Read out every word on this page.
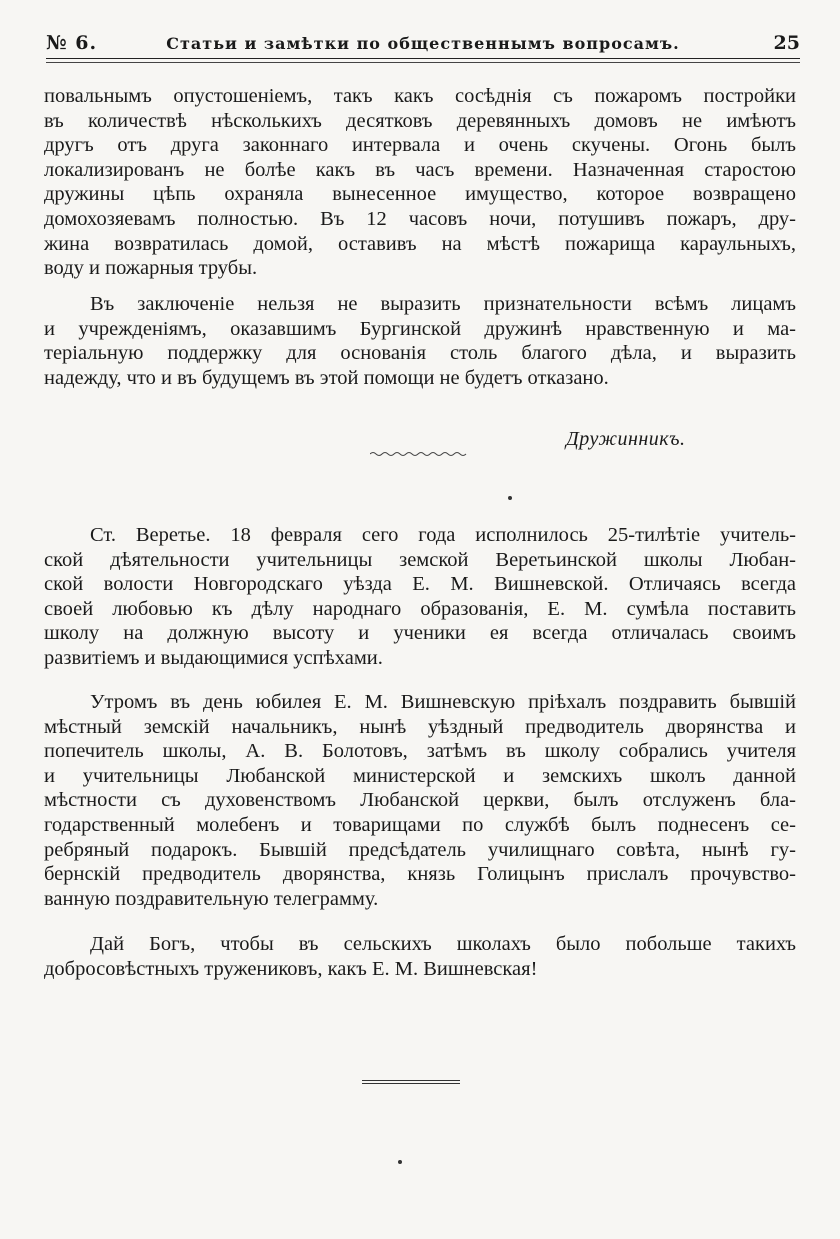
№ 6.	Статьи и замѣтки по общественнымъ вопросамъ.	25
повальнымъ опустошеніемъ, такъ какъ сосѣднія съ пожаромъ постройки
въ количествѣ нѣсколькихъ десятковъ деревянныхъ домовъ не имѣютъ
другъ отъ друга законнаго интервала и очень скучены. Огонь былъ
локализированъ не болѣе какъ въ часъ времени. Назначенная старостою
дружины цѣпь охраняла вынесенное имущество, которое возвращено
домохозяевамъ полностью. Въ 12 часовъ ночи, потушивъ пожаръ, дру-
жина возвратилась домой, оставивъ на мѣстѣ пожарища караульныхъ,
воду и пожарныя трубы.
Въ заключеніе нельзя не выразить признательности всѣмъ лицамъ
и учрежденіямъ, оказавшимъ Бургинской дружинѣ нравственную и ма-
теріальную поддержку для основанія столь благого дѣла, и выразить
надежду, что и въ будущемъ въ этой помощи не будетъ отказано.
Дружинникъ.
Ст. Веретье. 18 февраля сего года исполнилось 25-тилѣтіе учитель-
ской дѣятельности учительницы земской Веретьинской школы Любан-
ской волости Новгородскаго уѣзда Е. М. Вишневской. Отличаясь всегда
своей любовью къ дѣлу народнаго образованія, Е. М. сумѣла поставить
школу на должную высоту и ученики ея всегда отличалась своимъ
развитіемъ и выдающимися успѣхами.
Утромъ въ день юбилея Е. М. Вишневскую пріѣхалъ поздравить бывшій
мѣстный земскій начальникъ, нынѣ уѣздный предводитель дворянства и
попечитель школы, А. В. Болотовъ, затѣмъ въ школу собрались учителя
и учительницы Любанской министерской и земскихъ школъ данной
мѣстности съ духовенствомъ Любанской церкви, былъ отслуженъ бла-
годарственный молебенъ и товарищами по службѣ былъ поднесенъ се-
ребряный подарокъ. Бывшій предсѣдатель училищнаго совѣта, нынѣ гу-
бернскій предводитель дворянства, князь Голицынъ прислалъ прочувство-
ванную поздравительную телеграмму.
Дай Богъ, чтобы въ сельскихъ школахъ было побольше такихъ
добросовѣстныхъ тружениковъ, какъ Е. М. Вишневская!
